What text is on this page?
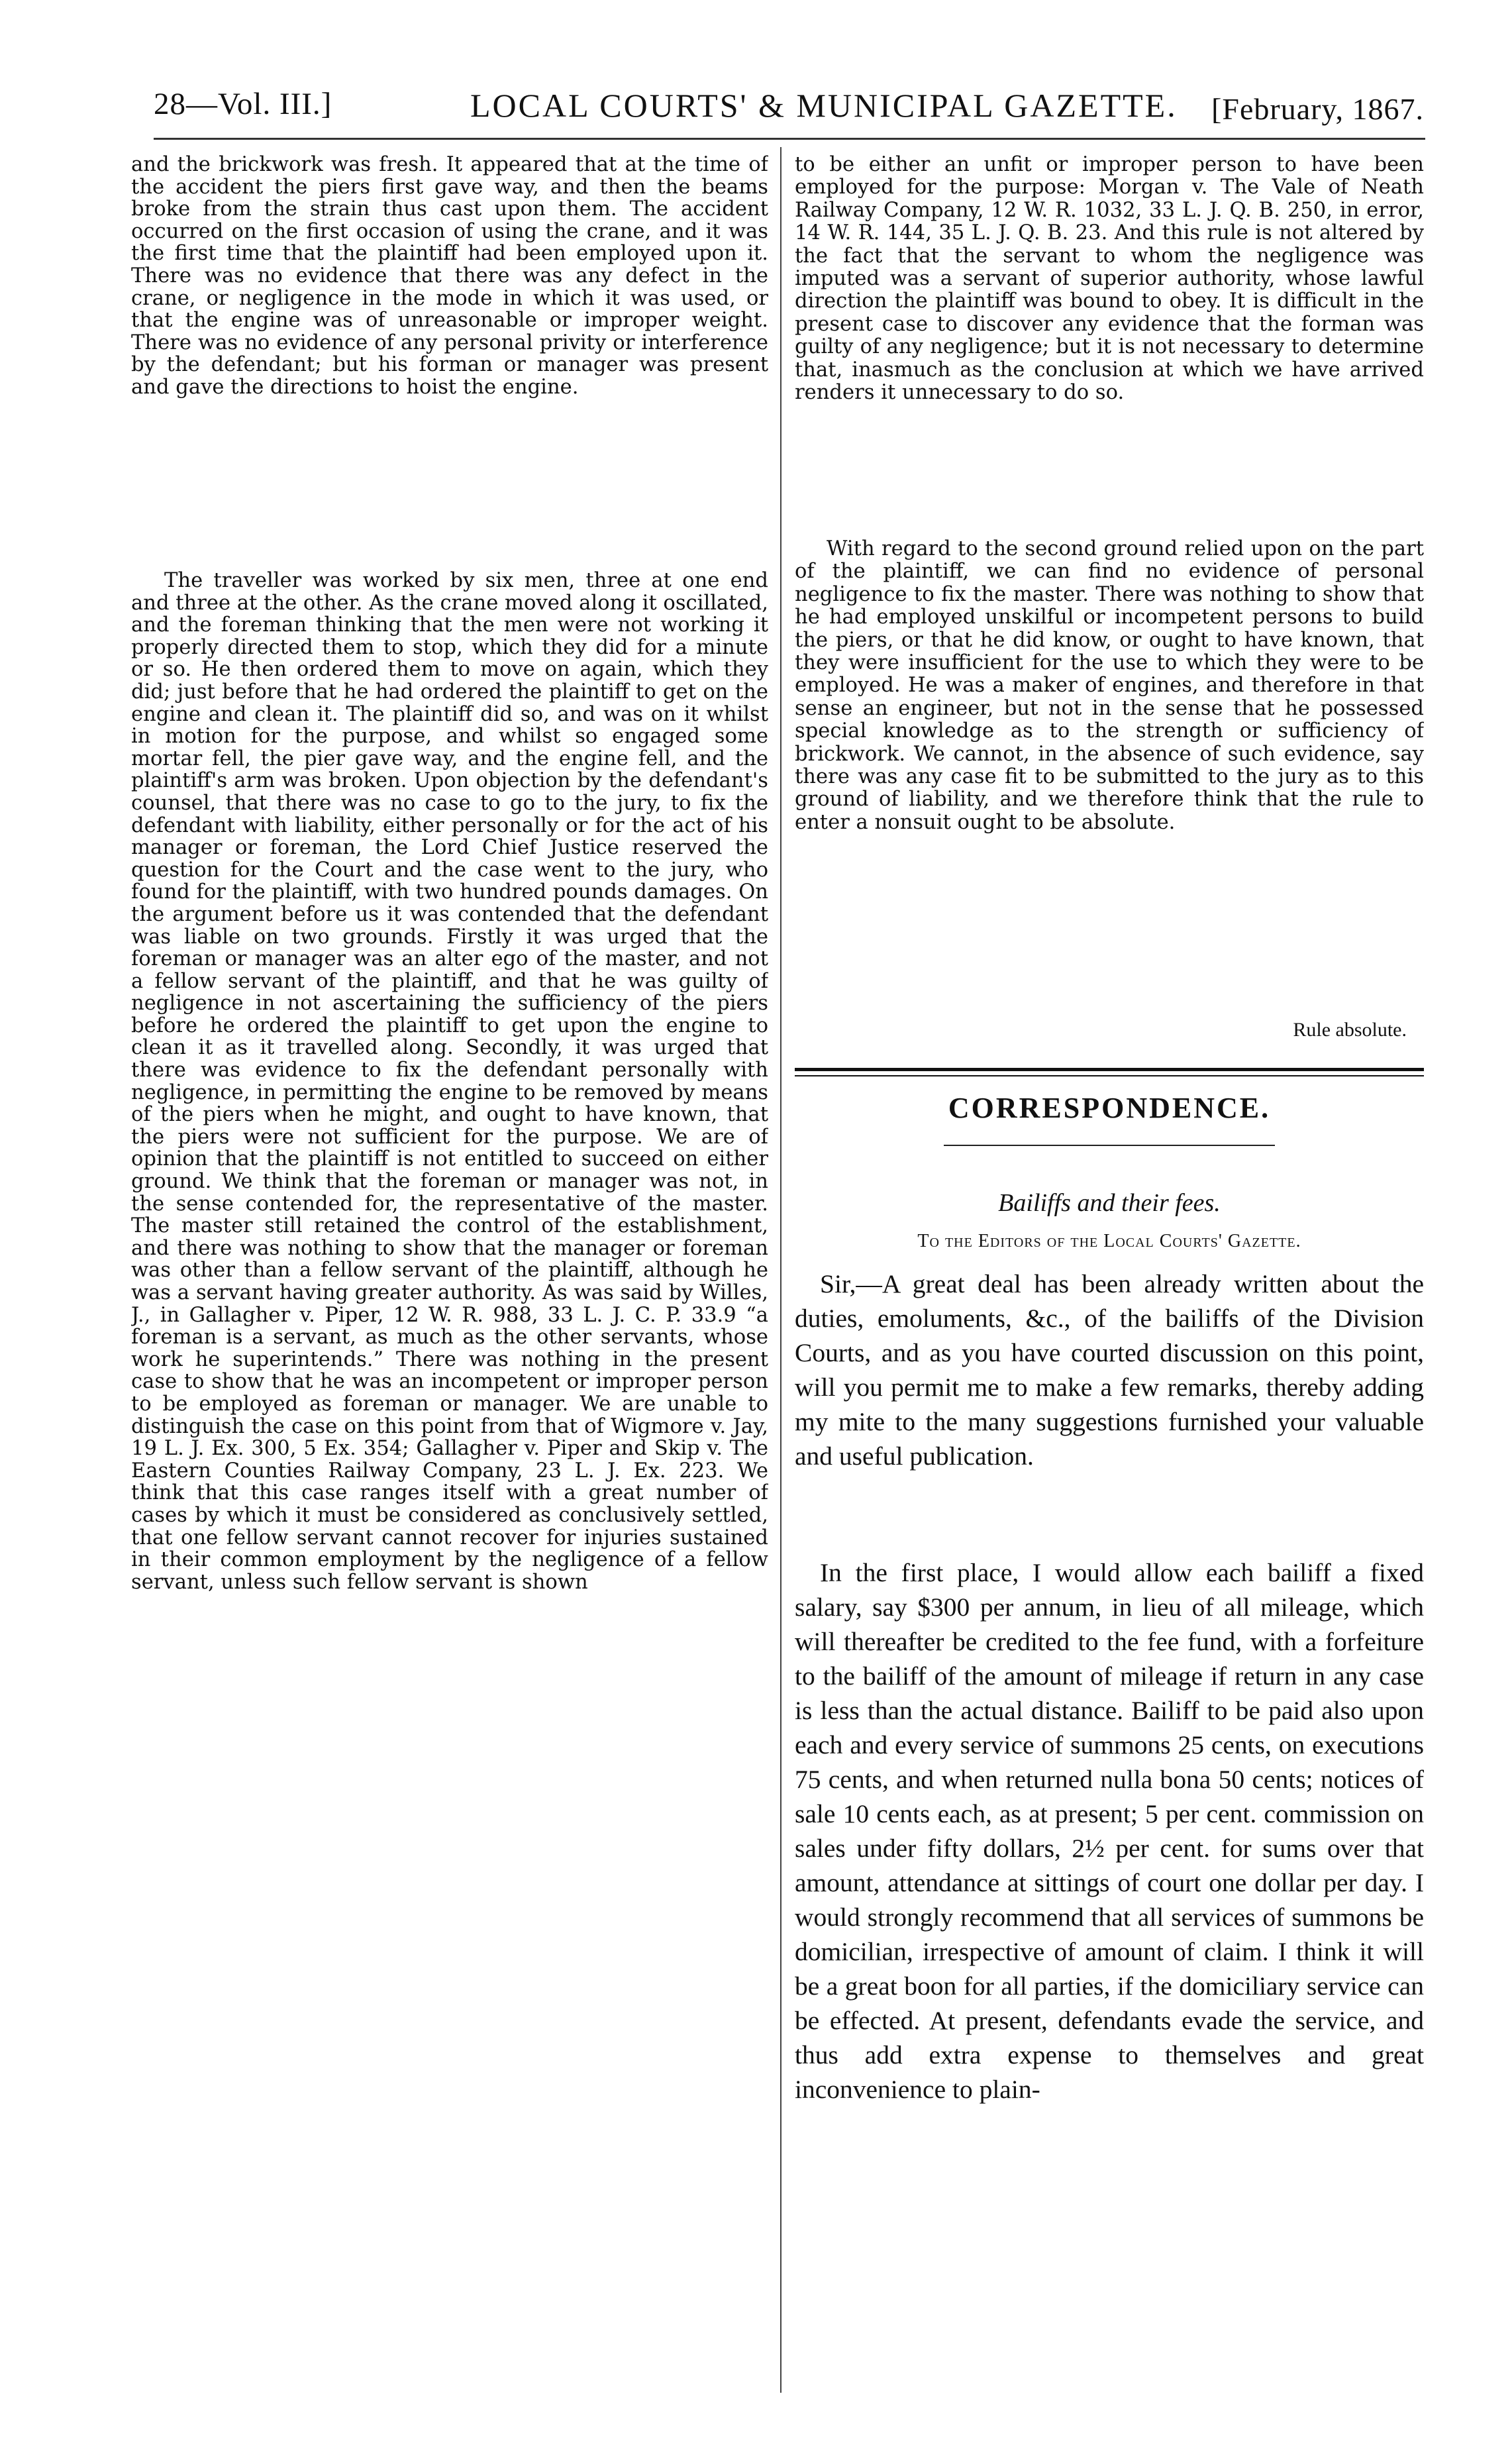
28—Vol. III.]	LOCAL COURTS' & MUNICIPAL GAZETTE. [February, 1867.

and the brickwork was fresh. It appeared that at the time of the accident the piers first gave way, and then the beams broke from the strain thus cast upon them. The accident occurred on the first occasion of using the crane, and it was the first time that the plaintiff had been employed upon it. There was no evidence that there was any defect in the crane, or negligence in the mode in which it was used, or that the engine was of unreasonable or improper weight. There was no evidence of any personal privity or interference by the defendant; but his forman or manager was present and gave the directions to hoist the engine.

The traveller was worked by six men, three at one end and three at the other. As the crane moved along it oscillated, and the foreman thinking that the men were not working it properly directed them to stop, which they did for a minute or so. He then ordered them to move on again, which they did; just before that he had ordered the plaintiff to get on the engine and clean it. The plaintiff did so, and was on it whilst in motion for the purpose, and whilst so engaged some mortar fell, the pier gave way, and the engine fell, and the plaintiff's arm was broken. Upon objection by the defendant's counsel, that there was no case to go to the jury, to fix the defendant with liability, either personally or for the act of his manager or foreman, the Lord Chief Justice reserved the question for the Court and the case went to the jury, who found for the plaintiff, with two hundred pounds damages. On the argument before us it was contended that the defendant was liable on two grounds. Firstly it was urged that the foreman or manager was an alter ego of the master, and not a fellow servant of the plaintiff, and that he was guilty of negligence in not ascertaining the sufficiency of the piers before he ordered the plaintiff to get upon the engine to clean it as it travelled along. Secondly, it was urged that there was evidence to fix the defendant personally with negligence, in permitting the engine to be removed by means of the piers when he might, and ought to have known, that the piers were not sufficient for the purpose. We are of opinion that the plaintiff is not entitled to succeed on either ground. We think that the foreman or manager was not, in the sense contended for, the representative of the master. The master still retained the control of the establishment, and there was nothing to show that the manager or foreman was other than a fellow servant of the plaintiff, although he was a servant having greater authority. As was said by Willes, J., in Gallagher v. Piper, 12 W. R. 988, 33 L. J. C. P. 33.9 “a foreman is a servant, as much as the other servants, whose work he superintends.” There was nothing in the present case to show that he was an incompetent or improper person to be employed as foreman or manager. We are unable to distinguish the case on this point from that of Wigmore v. Jay, 19 L. J. Ex. 300, 5 Ex. 354; Gallagher v. Piper and Skip v. The Eastern Counties Railway Company, 23 L. J. Ex. 223. We think that this case ranges itself with a great number of cases by which it must be considered as conclusively settled, that one fellow servant cannot recover for injuries sustained in their common employment by the negligence of a fellow servant, unless such fellow servant is shown

to be either an unfit or improper person to have been employed for the purpose: Morgan v. The Vale of Neath Railway Company, 12 W. R. 1032, 33 L. J. Q. B. 250, in error, 14 W. R. 144, 35 L. J. Q. B. 23. And this rule is not altered by the fact that the servant to whom the negligence was imputed was a servant of superior authority, whose lawful direction the plaintiff was bound to obey. It is difficult in the present case to discover any evidence that the forman was guilty of any negligence; but it is not necessary to determine that, inasmuch as the conclusion at which we have arrived renders it unnecessary to do so.

With regard to the second ground relied upon on the part of the plaintiff, we can find no evidence of personal negligence to fix the master. There was nothing to show that he had employed unskilful or incompetent persons to build the piers, or that he did know, or ought to have known, that they were insufficient for the use to which they were to be employed. He was a maker of engines, and therefore in that sense an engineer, but not in the sense that he possessed special knowledge as to the strength or sufficiency of brickwork. We cannot, in the absence of such evidence, say there was any case fit to be submitted to the jury as to this ground of liability, and we therefore think that the rule to enter a nonsuit ought to be absolute.

Rule absolute.
CORRESPONDENCE.
Bailiffs and their fees.
To the Editors of the Local Courts' Gazette.

Sir,—A great deal has been already written about the duties, emoluments, &c., of the bailiffs of the Division Courts, and as you have courted discussion on this point, will you permit me to make a few remarks, thereby adding my mite to the many suggestions furnished your valuable and useful publication.

In the first place, I would allow each bailiff a fixed salary, say $300 per annum, in lieu of all mileage, which will thereafter be credited to the fee fund, with a forfeiture to the bailiff of the amount of mileage if return in any case is less than the actual distance. Bailiff to be paid also upon each and every service of summons 25 cents, on executions 75 cents, and when returned nulla bona 50 cents; notices of sale 10 cents each, as at present; 5 per cent. commission on sales under fifty dollars, 2½ per cent. for sums over that amount, attendance at sittings of court one dollar per day. I would strongly recommend that all services of summons be domicilian, irrespective of amount of claim. I think it will be a great boon for all parties, if the domiciliary service can be effected. At present, defendants evade the service, and thus add extra expense to themselves and great inconvenience to plain-
